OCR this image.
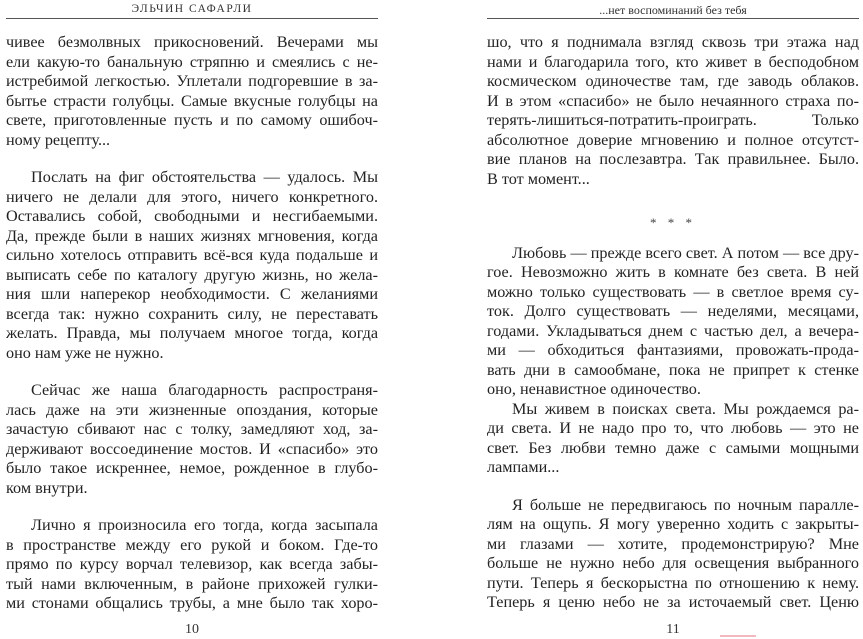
ЭЛЬЧИН САФАРЛИ
чивее безмолвных прикосновений. Вечерами мы
ели какую-то банальную стряпню и смеялись с не-
истребимой легкостью. Уплетали подгоревшие в за-
бытье страсти голубцы. Самые вкусные голубцы на
свете, приготовленные пусть и по самому ошибоч-
ному рецепту...
Послать на фиг обстоятельства — удалось. Мы
ничего не делали для этого, ничего конкретного.
Оставались собой, свободными и несгибаемыми.
Да, прежде были в наших жизнях мгновения, когда
сильно хотелось отправить всё-вся куда подальше и
выписать себе по каталогу другую жизнь, но жела-
ния шли наперекор необходимости. С желаниями
всегда так: нужно сохранить силу, не переставать
желать. Правда, мы получаем многое тогда, когда
оно нам уже не нужно.
Сейчас же наша благодарность распространя-
лась даже на эти жизненные опоздания, которые
зачастую сбивают нас с толку, замедляют ход, за-
держивают воссоединение мостов. И «спасибо» это
было такое искреннее, немое, рожденное в глубо-
ком внутри.
Лично я произносила его тогда, когда засыпала
в пространстве между его рукой и боком. Где-то
прямо по курсу ворчал телевизор, как всегда забы-
тый нами включенным, в районе прихожей гулки-
ми стонами общались трубы, а мне было так хоро-
10
...нет воспоминаний без тебя
шо, что я поднимала взгляд сквозь три этажа над
нами и благодарила того, кто живет в бесподобном
космическом одиночестве там, где заводь облаков.
И в этом «спасибо» не было нечаянного страха по-
терять-лишиться-потратить-проиграть. Только
абсолютное доверие мгновению и полное отсутст-
вие планов на послезавтра. Так правильнее. Было.
В тот момент...
* * *
Любовь — прежде всего свет. А потом — все дру-
гое. Невозможно жить в комнате без света. В ней
можно только существовать — в светлое время су-
ток. Долго существовать — неделями, месяцами,
годами. Укладываться днем с частью дел, а вечера-
ми — обходиться фантазиями, провожать-прода-
вать дни в самообмане, пока не припрет к стенке
оно, ненавистное одиночество.
Мы живем в поисках света. Мы рождаемся ра-
ди света. И не надо про то, что любовь — это не
свет. Без любви темно даже с самыми мощными
лампами...
Я больше не передвигаюсь по ночным паралле-
лям на ощупь. Я могу уверенно ходить с закрыты-
ми глазами — хотите, продемонстрирую? Мне
больше не нужно небо для освещения выбранного
пути. Теперь я бескорыстна по отношению к нему.
Теперь я ценю небо не за источаемый свет. Ценю
11
